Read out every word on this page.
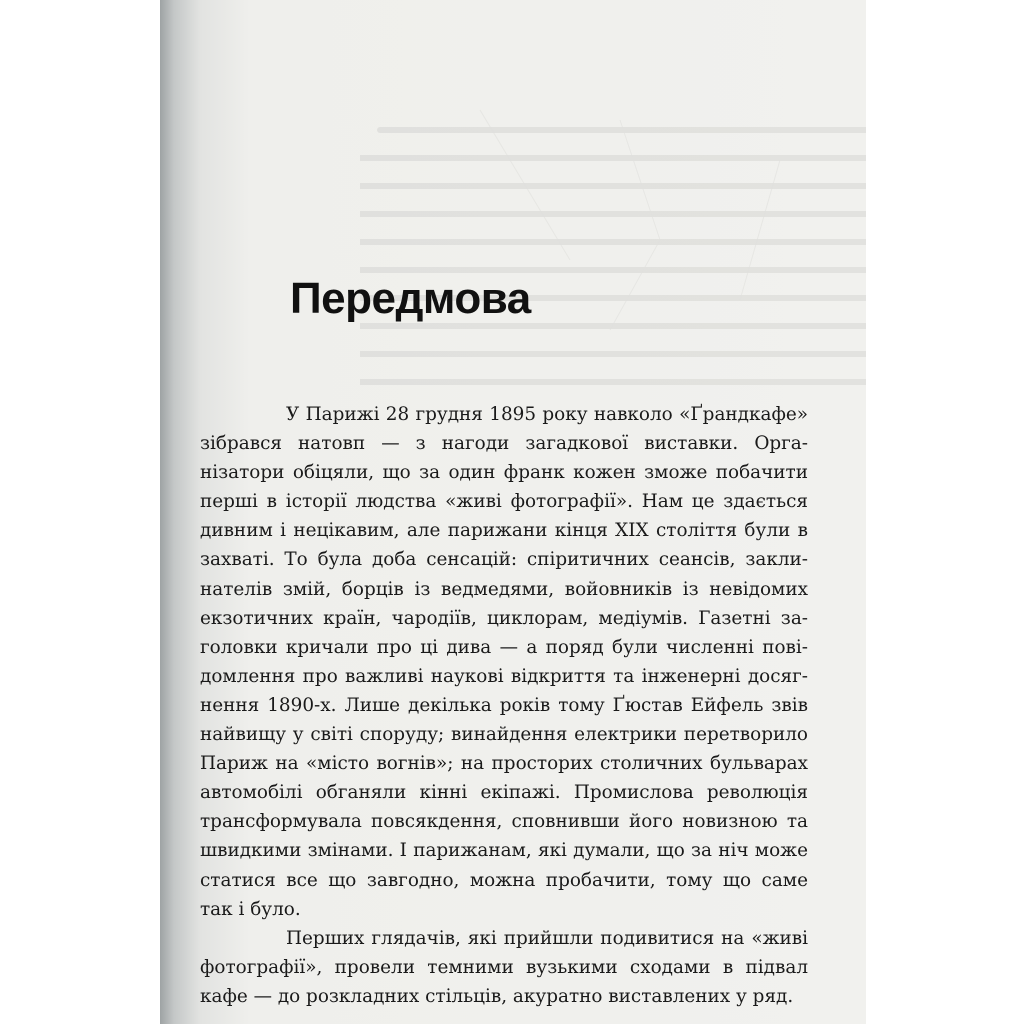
Передмова

У Парижі 28 грудня 1895 року навколо «Ґрандкафе» зібрався натовп — з нагоди загадкової виставки. Організатори обіцяли, що за один франк кожен зможе побачити перші в історії людства «живі фотографії». Нам це здається дивним і нецікавим, але парижани кінця XIX століття були в захваті. То була доба сенсацій: спіритичних сеансів, заклинателів змій, борців із ведмедями, войовників із невідомих екзотичних країн, чародіїв, циклорам, медіумів. Газетні заголовки кричали про ці дива — а поряд були численні повідомлення про важливі наукові відкриття та інженерні досягнення 1890-х. Лише декілька років тому Ґюстав Ейфель звів найвищу у світі споруду; винайдення електрики перетворило Париж на «місто вогнів»; на просторих столичних бульварах автомобілі обганяли кінні екіпажі. Промислова революція трансформувала повсякдення, сповнивши його новизною та швидкими змінами. І парижанам, які думали, що за ніч може статися все що завгодно, можна пробачити, тому що саме так і було.

Перших глядачів, які прийшли подивитися на «живі фотографії», провели темними вузькими сходами в підвал кафе — до розкладних стільців, акуратно виставлених у ряд.
